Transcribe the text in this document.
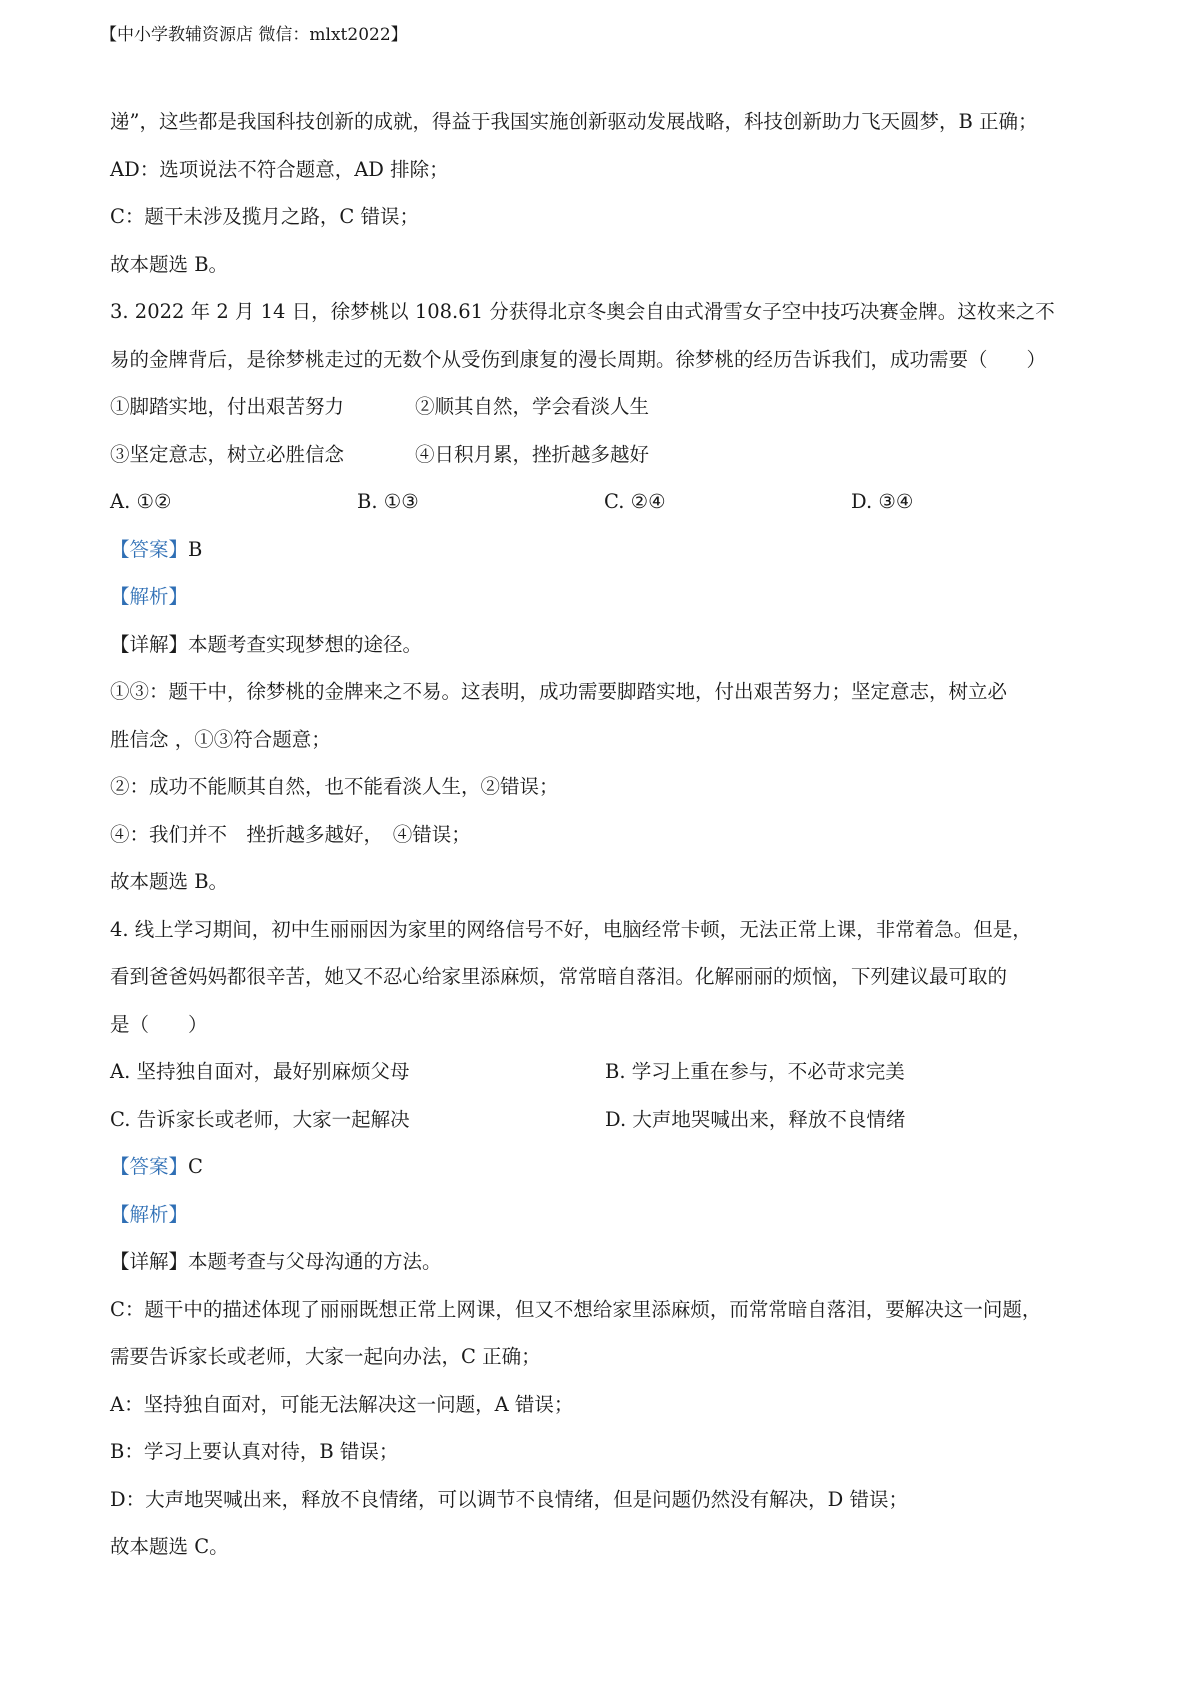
【中小学教辅资源店 微信：mlxt2022】
递”，这些都是我国科技创新的成就，得益于我国实施创新驱动发展战略，科技创新助力飞天圆梦，B 正确；
AD：选项说法不符合题意，AD 排除；
C：题干未涉及揽月之路，C 错误；
故本题选 B。
3. 2022 年 2 月 14 日，徐梦桃以 108.61 分获得北京冬奥会自由式滑雪女子空中技巧决赛金牌。这枚来之不
易的金牌背后，是徐梦桃走过的无数个从受伤到康复的漫长周期。徐梦桃的经历告诉我们，成功需要（　　）
①脚踏实地，付出艰苦努力	②顺其自然，学会看淡人生
③坚定意志，树立必胜信念	④日积月累，挫折越多越好
A. ①②	B. ①③	C. ②④	D. ③④
【答案】B
【解析】
【详解】本题考查实现梦想的途径。
①③：题干中，徐梦桃的金牌来之不易。这表明，成功需要脚踏实地，付出艰苦努力；坚定意志，树立必
胜信念 ，①③符合题意；
②：成功不能顺其自然，也不能看淡人生，②错误；
④：我们并不　挫折越多越好，　④错误；
故本题选 B。
4. 线上学习期间，初中生丽丽因为家里的网络信号不好，电脑经常卡顿，无法正常上课，非常着急。但是，
看到爸爸妈妈都很辛苦，她又不忍心给家里添麻烦，常常暗自落泪。化解丽丽的烦恼，下列建议最可取的
是（　　）
A. 坚持独自面对，最好别麻烦父母	B. 学习上重在参与，不必苛求完美
C. 告诉家长或老师，大家一起解决	D. 大声地哭喊出来，释放不良情绪
【答案】C
【解析】
【详解】本题考查与父母沟通的方法。
C：题干中的描述体现了丽丽既想正常上网课，但又不想给家里添麻烦，而常常暗自落泪，要解决这一问题，
需要告诉家长或老师，大家一起向办法，C 正确；
A：坚持独自面对，可能无法解决这一问题，A 错误；
B：学习上要认真对待，B 错误；
D：大声地哭喊出来，释放不良情绪，可以调节不良情绪，但是问题仍然没有解决，D 错误；
故本题选 C。
